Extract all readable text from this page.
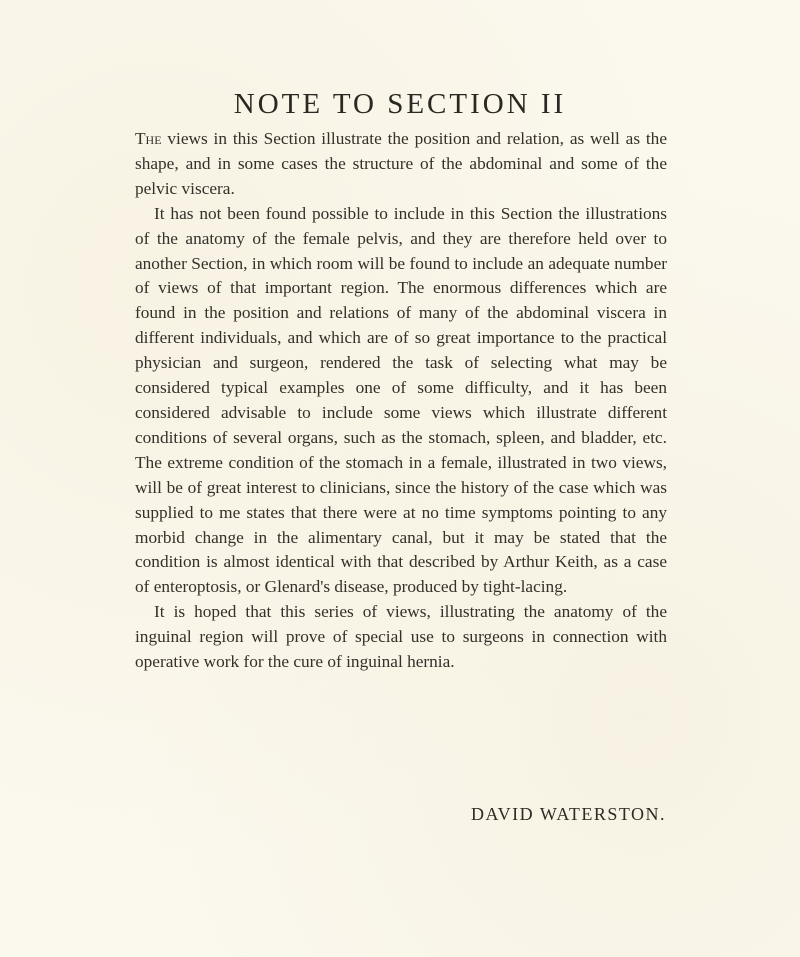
NOTE TO SECTION II

The views in this Section illustrate the position and relation, as well as the shape, and in some cases the structure of the abdominal and some of the pelvic viscera.

It has not been found possible to include in this Section the illustrations of the anatomy of the female pelvis, and they are therefore held over to another Section, in which room will be found to include an adequate number of views of that important region. The enormous differences which are found in the position and relations of many of the abdominal viscera in different individuals, and which are of so great importance to the practical physician and surgeon, rendered the task of selecting what may be considered typical examples one of some difficulty, and it has been considered advisable to include some views which illustrate different conditions of several organs, such as the stomach, spleen, and bladder, etc. The extreme condition of the stomach in a female, illustrated in two views, will be of great interest to clinicians, since the history of the case which was supplied to me states that there were at no time symptoms pointing to any morbid change in the alimentary canal, but it may be stated that the condition is almost identical with that described by Arthur Keith, as a case of enteroptosis, or Glenard's disease, produced by tight-lacing.

It is hoped that this series of views, illustrating the anatomy of the inguinal region will prove of special use to surgeons in connection with operative work for the cure of inguinal hernia.

DAVID WATERSTON.
